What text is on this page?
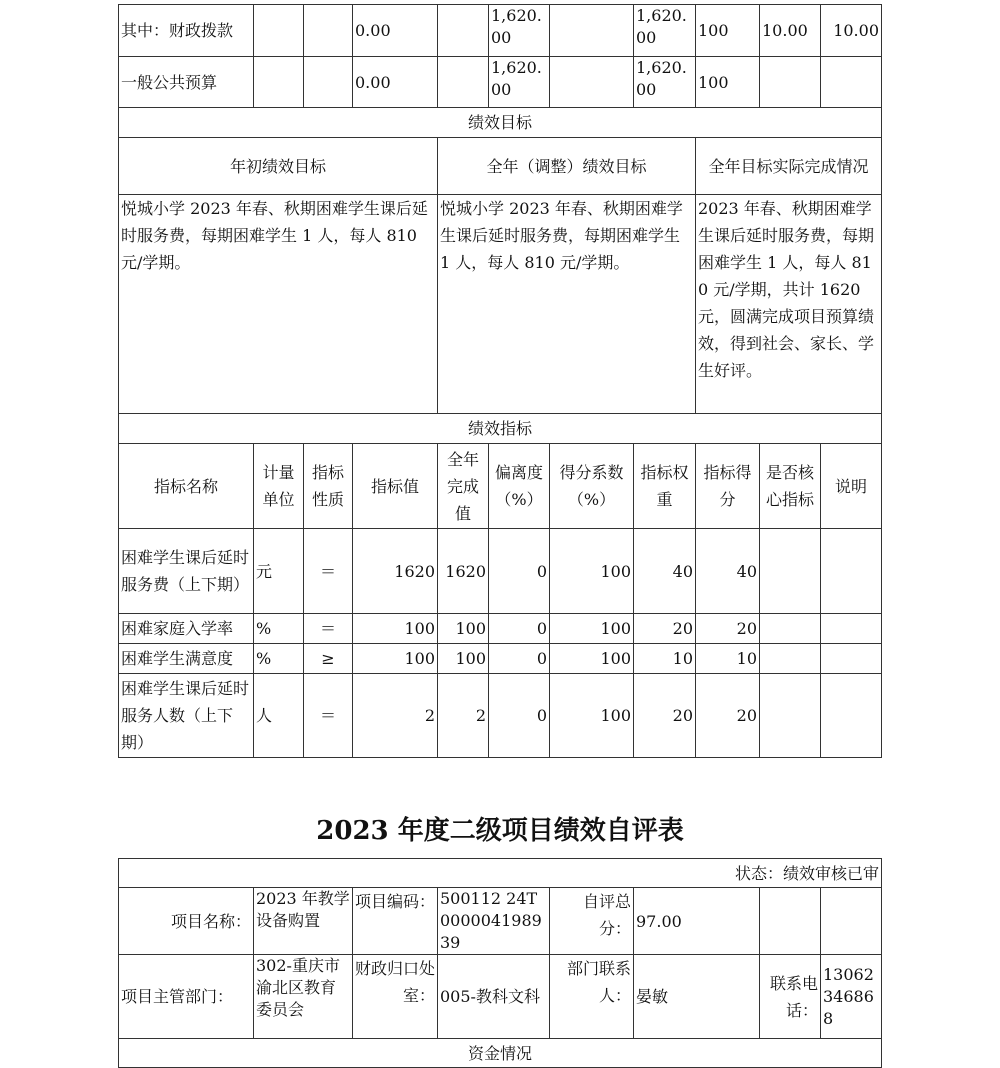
其中：财政拨款			0.00		1,620.00		1,620.00	100	10.00	10.00
一般公共预算			0.00		1,620.00		1,620.00	100		
绩效目标										
年初绩效目标				全年（调整）绩效目标				全年目标实际完成情况		
悦城小学 2023 年春、秋期困难学生课后延时服务费，每期困难学生 1 人，每人 810 元/学期。				悦城小学 2023 年春、秋期困难学生课后延时服务费，每期困难学生 1 人，每人 810 元/学期。				2023 年春、秋期困难学生课后延时服务费，每期困难学生 1 人，每人 810 元/学期，共计 1620 元，圆满完成项目预算绩效，得到社会、家长、学生好评。		
绩效指标										
指标名称	计量单位	指标性质	指标值	全年完成值	偏离度（%）	得分系数（%）	指标权重	指标得分	是否核心指标	说明
困难学生课后延时服务费（上下期）	元	＝	1620	1620	0	100	40	40		
困难家庭入学率	%	＝	100	100	0	100	20	20		
困难学生满意度	%	≥	100	100	0	100	10	10		
困难学生课后延时服务人数（上下期）	人	＝	2	2	0	100	20	20		
2023 年度二级项目绩效自评表
状态：绩效审核已审							
项目名称：	2023 年教学设备购置	项目编码：	500112 24T000004198939	自评总分：	97.00		
项目主管部门：	302-重庆市渝北区教育委员会	财政归口处室：	005-教科文科	部门联系人：	晏敏	联系电话：	13062346868
资金情况							
